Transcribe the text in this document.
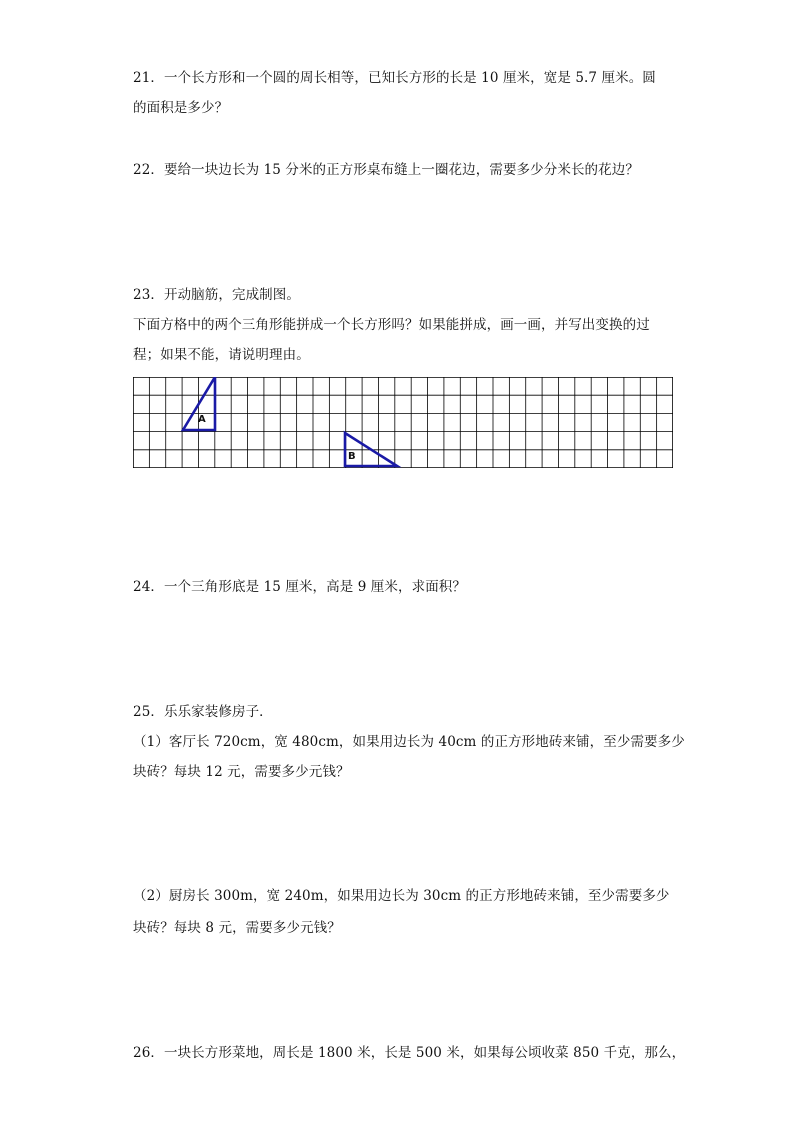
21．一个长方形和一个圆的周长相等，已知长方形的长是 10 厘米，宽是 5.7 厘米。圆
的面积是多少？
22．要给一块边长为 15 分米的正方形桌布缝上一圈花边，需要多少分米长的花边？
23．开动脑筋，完成制图。
下面方格中的两个三角形能拼成一个长方形吗？如果能拼成，画一画，并写出变换的过
程；如果不能，请说明理由。
A
B
24．一个三角形底是 15 厘米，高是 9 厘米，求面积？
25．乐乐家装修房子．
（1）客厅长 720cm，宽 480cm，如果用边长为 40cm 的正方形地砖来铺，至少需要多少
块砖？每块 12 元，需要多少元钱？
（2）厨房长 300m，宽 240m，如果用边长为 30cm 的正方形地砖来铺，至少需要多少
块砖？每块 8 元，需要多少元钱？
26．一块长方形菜地，周长是 1800 米，长是 500 米，如果每公顷收菜 850 千克，那么，
